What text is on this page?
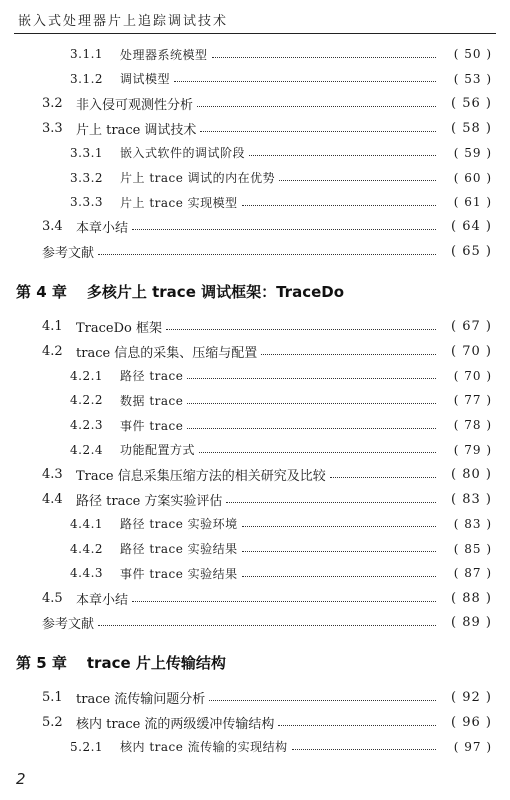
嵌入式处理器片上追踪调试技术
3.1.1	处理器系统模型	( 50 )
3.1.2	调试模型	( 53 )
3.2	非入侵可观测性分析	( 56 )
3.3	片上 trace 调试技术	( 58 )
3.3.1	嵌入式软件的调试阶段	( 59 )
3.3.2	片上 trace 调试的内在优势	( 60 )
3.3.3	片上 trace 实现模型	( 61 )
3.4	本章小结	( 64 )
参考文献	( 65 )
第 4 章 多核片上 trace 调试框架：TraceDo
4.1	TraceDo 框架	( 67 )
4.2	trace 信息的采集、压缩与配置	( 70 )
4.2.1	路径 trace	( 70 )
4.2.2	数据 trace	( 77 )
4.2.3	事件 trace	( 78 )
4.2.4	功能配置方式	( 79 )
4.3	Trace 信息采集压缩方法的相关研究及比较	( 80 )
4.4	路径 trace 方案实验评估	( 83 )
4.4.1	路径 trace 实验环境	( 83 )
4.4.2	路径 trace 实验结果	( 85 )
4.4.3	事件 trace 实验结果	( 87 )
4.5	本章小结	( 88 )
参考文献	( 89 )
第 5 章 trace 片上传输结构
5.1	trace 流传输问题分析	( 92 )
5.2	核内 trace 流的两级缓冲传输结构	( 96 )
5.2.1	核内 trace 流传输的实现结构	( 97 )
2
